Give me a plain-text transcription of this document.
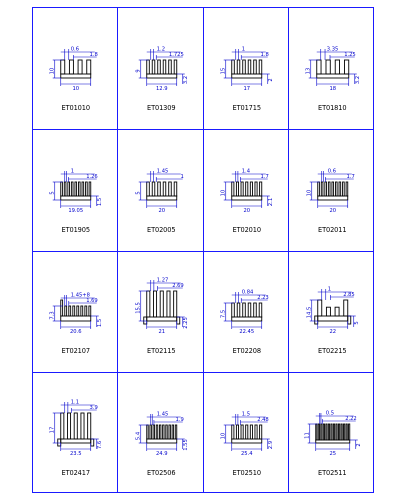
0.6
1.8
10
10
ET01010
1.2
1.725
9
12.9
3.2
ET01309
1
1.8
15
17
2
ET01715
3.35
1.25
13
18
3.2
ET01810
1
1.26
5
19.05
1.5
ET01905
1.45
1
5
20
ET02005
1.4
1.7
10
20
2.1
ET02010
0.6
1.7
10
20
ET02011
1.45+8
1.69
7.3
20.6
1.5
ET02107
1.27
2.69
15.5
21
2.25
ET02115
0.84
2.23
7.5
22.45
ET02208
1
2.85
14.5
22
5
ET02215
1.1
3.9
17
23.5
7.6
ET02417
1.45
1.9
5.4
24.9
1.55
ET02506
1.5
2.48
10
25.4
2.9
ET02510
0.5
2.22
11
25
2
ET02511
